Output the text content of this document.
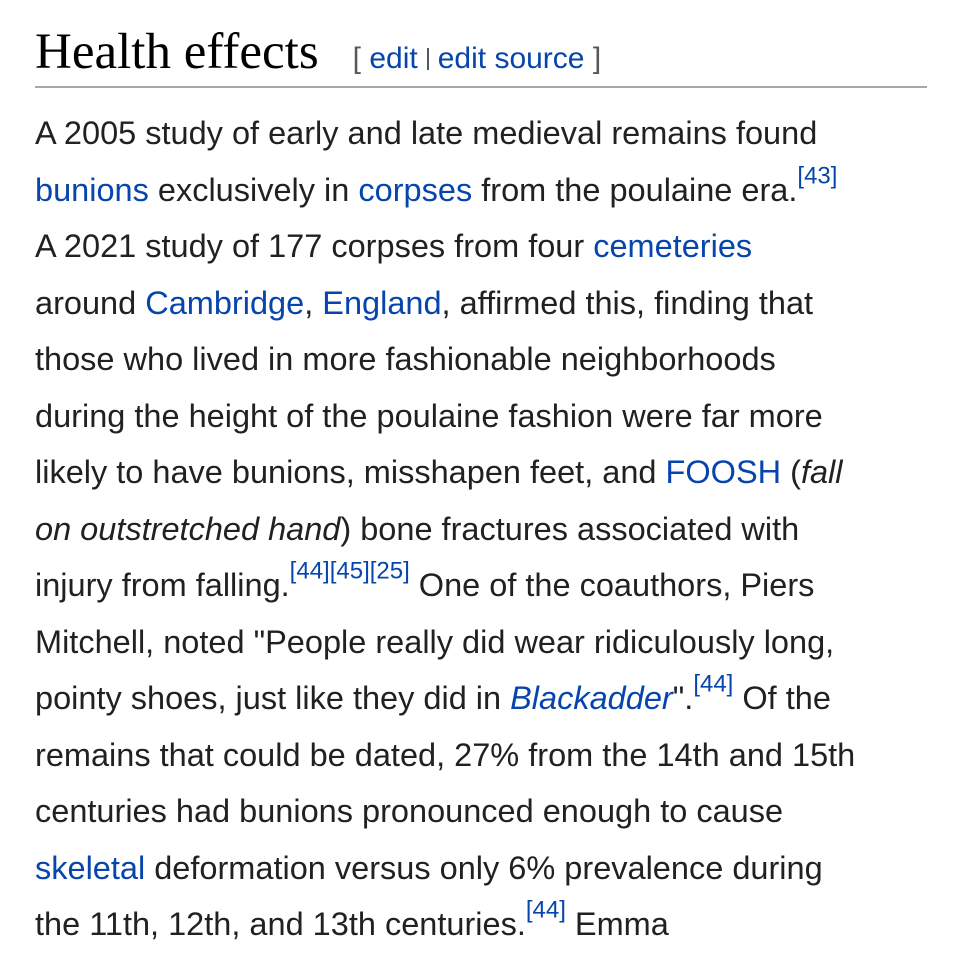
Health effects [ edit edit source ]

A 2005 study of early and late medieval remains found
bunions exclusively in corpses from the poulaine era.[43]
A 2021 study of 177 corpses from four cemeteries
around Cambridge, England, affirmed this, finding that
those who lived in more fashionable neighborhoods
during the height of the poulaine fashion were far more
likely to have bunions, misshapen feet, and FOOSH (fall
on outstretched hand) bone fractures associated with
injury from falling.[44][45][25] One of the coauthors, Piers
Mitchell, noted "People really did wear ridiculously long,
pointy shoes, just like they did in Blackadder".[44] Of the
remains that could be dated, 27% from the 14th and 15th
centuries had bunions pronounced enough to cause
skeletal deformation versus only 6% prevalence during
the 11th, 12th, and 13th centuries.[44] Emma
